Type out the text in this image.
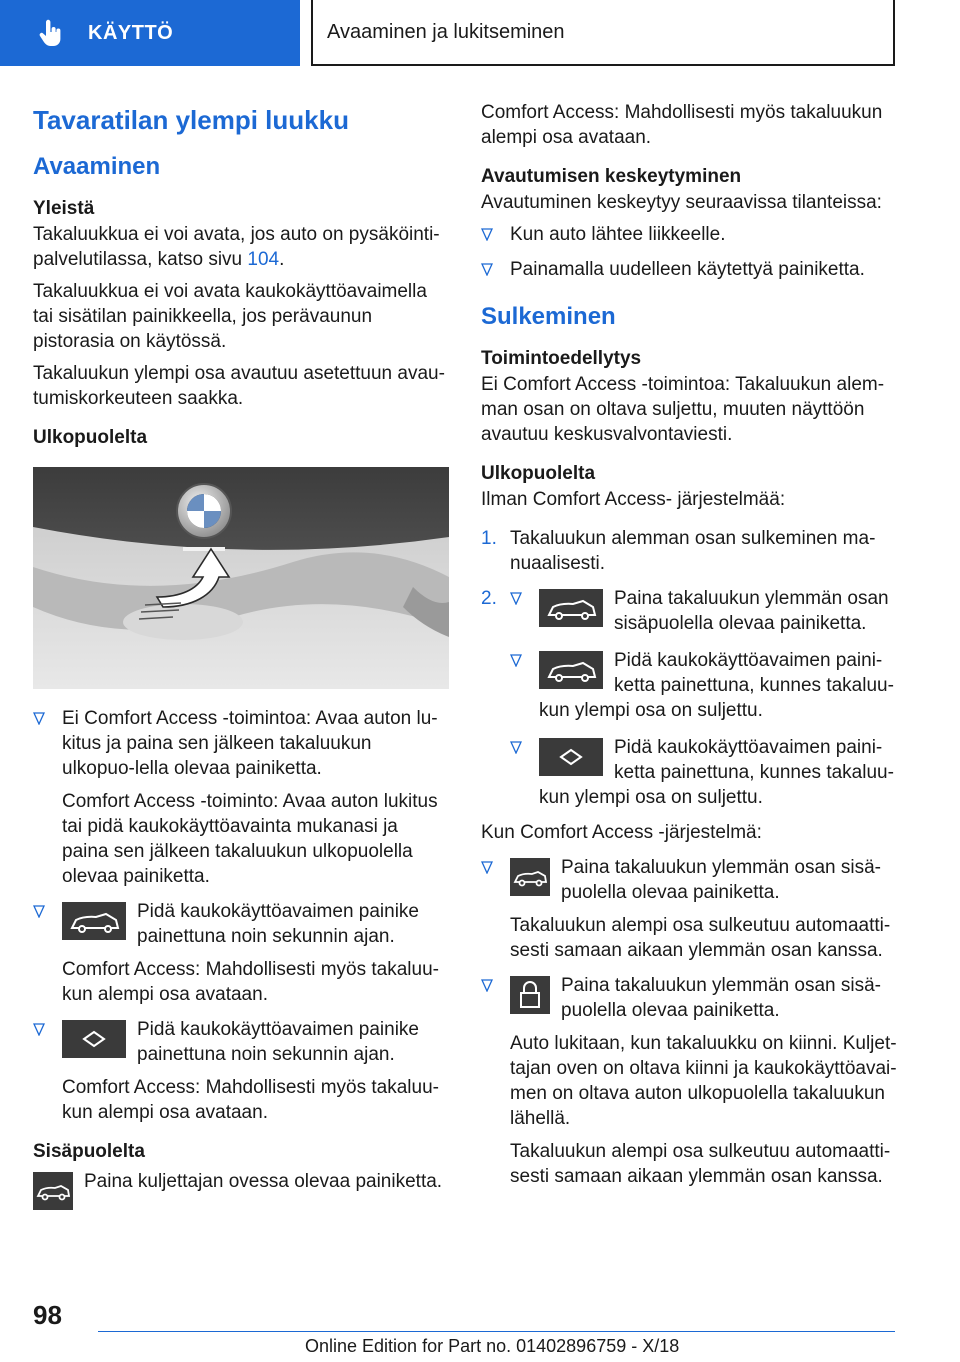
KÄYTTÖ	Avaaminen ja lukitseminen
Tavaratilan ylempi luukku
Avaaminen
Yleistä
Takaluukkua ei voi avata, jos auto on pysäköinti-palvelutilassa, katso sivu 104.
Takaluukkua ei voi avata kaukokäyttöavaimella tai sisätilan painikkeella, jos perävaunun pistorasia on käytössä.
Takaluukun ylempi osa avautuu asetettuun avau-tumiskorkeuteen saakka.
Ulkopuolelta
Ei Comfort Access -toimintoa: Avaa auton lu-kitus ja paina sen jälkeen takaluukun ulkopuo-lella olevaa painiketta.
Comfort Access -toiminto: Avaa auton lukitus tai pidä kaukokäyttöavainta mukanasi ja paina sen jälkeen takaluukun ulkopuolella olevaa painiketta.
Pidä kaukokäyttöavaimen painike painettuna noin sekunnin ajan.
Comfort Access: Mahdollisesti myös takaluu-kun alempi osa avataan.
Pidä kaukokäyttöavaimen painike painettuna noin sekunnin ajan.
Comfort Access: Mahdollisesti myös takaluu-kun alempi osa avataan.
Sisäpuolelta
Paina kuljettajan ovessa olevaa painiketta.
Comfort Access: Mahdollisesti myös takaluukun alempi osa avataan.
Avautumisen keskeytyminen
Avautuminen keskeytyy seuraavissa tilanteissa:
Kun auto lähtee liikkeelle.
Painamalla uudelleen käytettyä painiketta.
Sulkeminen
Toimintoedellytys
Ei Comfort Access -toimintoa: Takaluukun alem-man osan on oltava suljettu, muuten näyttöön avautuu keskusvalvontaviesti.
Ulkopuolelta
Ilman Comfort Access- järjestelmää:
1. Takaluukun alemman osan sulkeminen ma-nuaalisesti.
2.	Paina takaluukun ylemmän osan sisäpuolella olevaa painiketta.
Pidä kaukokäyttöavaimen paini-ketta painettuna, kunnes takaluu-kun ylempi osa on suljettu.
Pidä kaukokäyttöavaimen paini-ketta painettuna, kunnes takaluu-kun ylempi osa on suljettu.
Kun Comfort Access -järjestelmä:
Paina takaluukun ylemmän osan sisä-puolella olevaa painiketta.
Takaluukun alempi osa sulkeutuu automaatti-sesti samaan aikaan ylemmän osan kanssa.
Paina takaluukun ylemmän osan sisä-puolella olevaa painiketta.
Auto lukitaan, kun takaluukku on kiinni. Kuljet-tajan oven on oltava kiinni ja kaukokäyttöavai-men on oltava auton ulkopuolella takaluukun lähellä.
Takaluukun alempi osa sulkeutuu automaatti-sesti samaan aikaan ylemmän osan kanssa.
98
Online Edition for Part no. 01402896759 - X/18
